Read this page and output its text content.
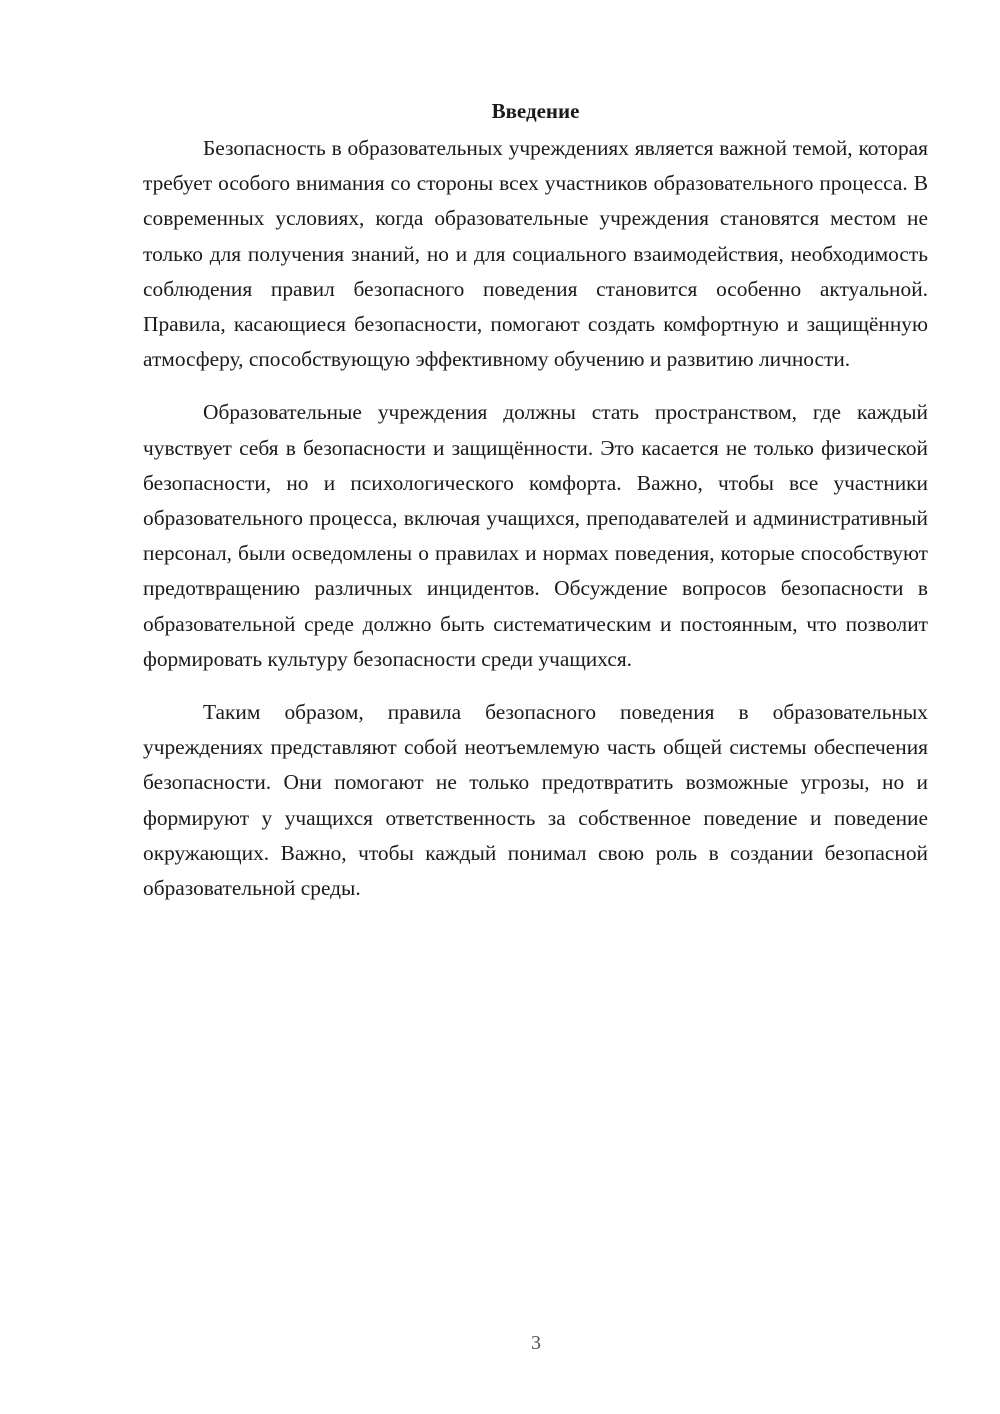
Введение

Безопасность в образовательных учреждениях является важной темой, которая требует особого внимания со стороны всех участников образовательного процесса. В современных условиях, когда образовательные учреждения становятся местом не только для получения знаний, но и для социального взаимодействия, необходимость соблюдения правил безопасного поведения становится особенно актуальной. Правила, касающиеся безопасности, помогают создать комфортную и защищённую атмосферу, способствующую эффективному обучению и развитию личности.

Образовательные учреждения должны стать пространством, где каждый чувствует себя в безопасности и защищённости. Это касается не только физической безопасности, но и психологического комфорта. Важно, чтобы все участники образовательного процесса, включая учащихся, преподавателей и административный персонал, были осведомлены о правилах и нормах поведения, которые способствуют предотвращению различных инцидентов. Обсуждение вопросов безопасности в образовательной среде должно быть систематическим и постоянным, что позволит формировать культуру безопасности среди учащихся.

Таким образом, правила безопасного поведения в образовательных учреждениях представляют собой неотъемлемую часть общей системы обеспечения безопасности. Они помогают не только предотвратить возможные угрозы, но и формируют у учащихся ответственность за собственное поведение и поведение окружающих. Важно, чтобы каждый понимал свою роль в создании безопасной образовательной среды.

3
